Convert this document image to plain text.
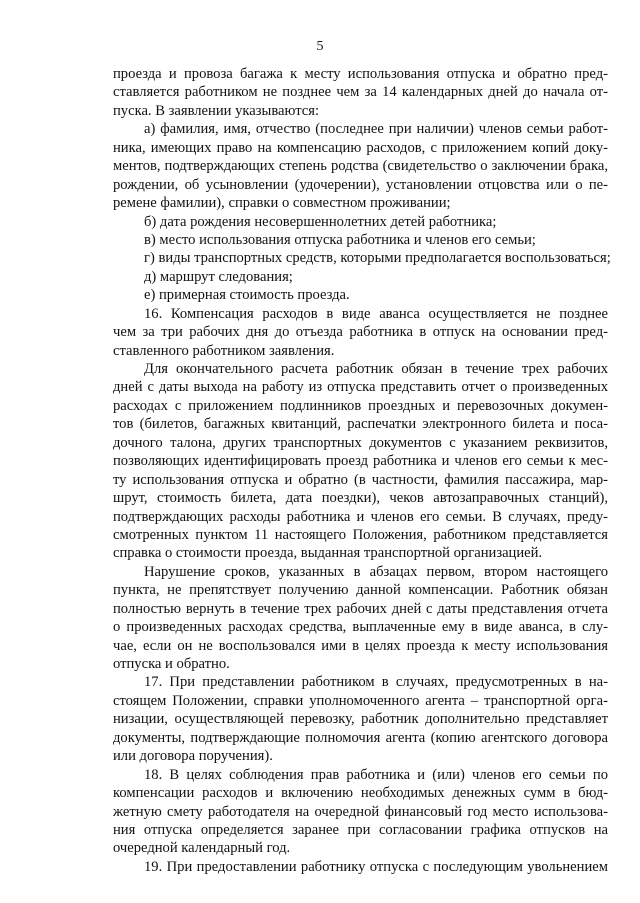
5
проезда и провоза багажа к месту использования отпуска и обратно пред-
ставляется работником не позднее чем за 14 календарных дней до начала от-
пуска. В заявлении указываются:
а) фамилия, имя, отчество (последнее при наличии) членов семьи работ-
ника, имеющих право на компенсацию расходов, с приложением копий доку-
ментов, подтверждающих степень родства (свидетельство о заключении брака,
рождении, об усыновлении (удочерении), установлении отцовства или о пе-
ремене фамилии), справки о совместном проживании;
б) дата рождения несовершеннолетних детей работника;
в) место использования отпуска работника и членов его семьи;
г) виды транспортных средств, которыми предполагается воспользоваться;
д) маршрут следования;
е) примерная стоимость проезда.
16. Компенсация расходов в виде аванса осуществляется не позднее
чем за три рабочих дня до отъезда работника в отпуск на основании пред-
ставленного работником заявления.
Для окончательного расчета работник обязан в течение трех рабочих
дней с даты выхода на работу из отпуска представить отчет о произведенных
расходах с приложением подлинников проездных и перевозочных докумен-
тов (билетов, багажных квитанций, распечатки электронного билета и поса-
дочного талона, других транспортных документов с указанием реквизитов,
позволяющих идентифицировать проезд работника и членов его семьи к мес-
ту использования отпуска и обратно (в частности, фамилия пассажира, мар-
шрут, стоимость билета, дата поездки), чеков автозаправочных станций),
подтверждающих расходы работника и членов его семьи. В случаях, преду-
смотренных пунктом 11 настоящего Положения, работником представляется
справка о стоимости проезда, выданная транспортной организацией.
Нарушение сроков, указанных в абзацах первом, втором настоящего
пункта, не препятствует получению данной компенсации. Работник обязан
полностью вернуть в течение трех рабочих дней с даты представления отчета
о произведенных расходах средства, выплаченные ему в виде аванса, в слу-
чае, если он не воспользовался ими в целях проезда к месту использования
отпуска и обратно.
17. При представлении работником в случаях, предусмотренных в на-
стоящем Положении, справки уполномоченного агента – транспортной орга-
низации, осуществляющей перевозку, работник дополнительно представляет
документы, подтверждающие полномочия агента (копию агентского договора
или договора поручения).
18. В целях соблюдения прав работника и (или) членов его семьи по
компенсации расходов и включению необходимых денежных сумм в бюд-
жетную смету работодателя на очередной финансовый год место использова-
ния отпуска определяется заранее при согласовании графика отпусков на
очередной календарный год.
19. При предоставлении работнику отпуска с последующим увольнением
